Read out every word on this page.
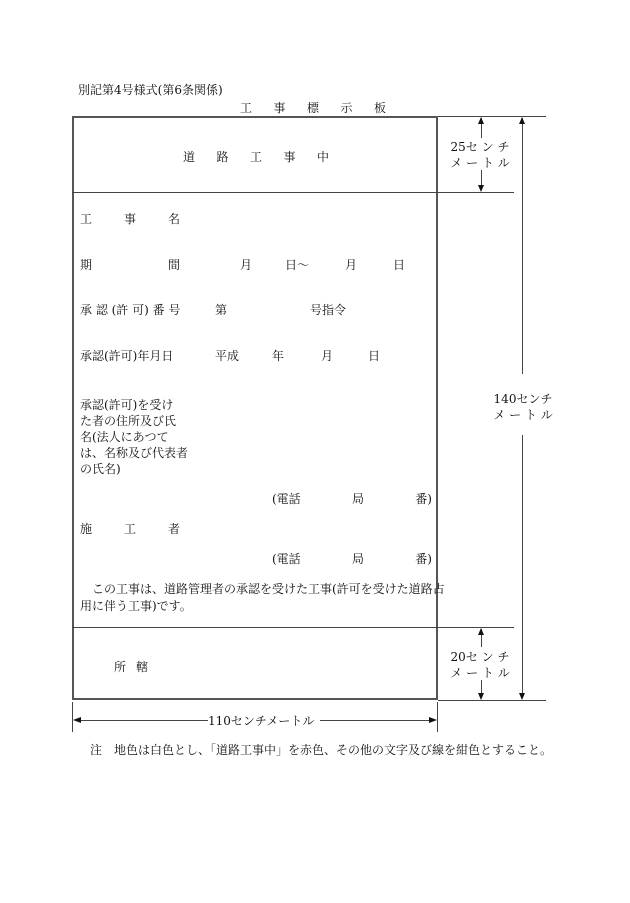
別記第4号様式(第6条関係)
工 事 標 示 板
道 路 工 事 中
工	事	名
期	間	月	日〜	月	日
承 認 (許 可) 番 号	第	号指令
承認(許可)年月日	平成	年	月	日
承認(許可)を受け
た者の住所及び氏
名(法人にあつて
は、名称及び代表者
の氏名)
(電話	局	番)
施	工	者
(電話	局	番)
この工事は、道路管理者の承認を受けた工事(許可を受けた道路占
用に伴う工事)です。
所 轄
25セ ン チ
メ ー ト ル
140センチ
メ ー ト ル
20セ ン チ
メ ー ト ル
110センチメートル
注　地色は白色とし、「道路工事中」を赤色、その他の文字及び線を紺色とすること。
